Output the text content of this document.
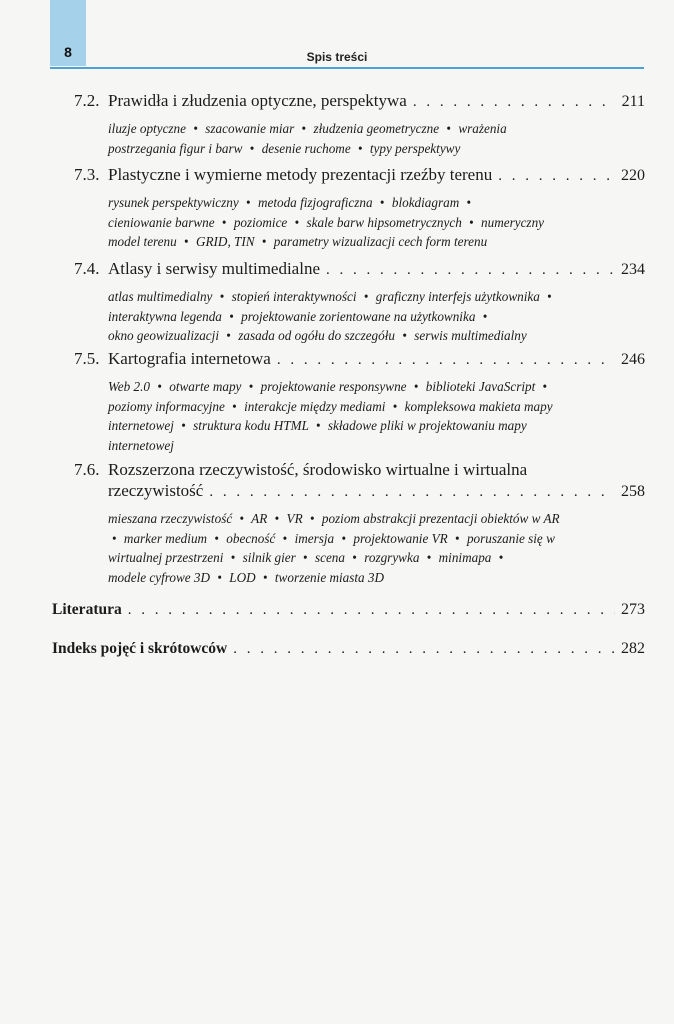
8	Spis treści
7.2. Prawidła i złudzenia optyczne, perspektywa . . .	211
iluzje optyczne • szacowanie miar • złudzenia geometryczne • wrażenia postrzegania figur i barw • desenie ruchome • typy perspektywy
7.3. Plastyczne i wymierne metody prezentacji rzeźby terenu . . .	220
rysunek perspektywiczny • metoda fizjograficzna • blokdiagram • cieniowanie barwne • poziomice • skale barw hipsometrycznych • numeryczny model terenu • GRID, TIN • parametry wizualizacji cech form terenu
7.4. Atlasy i serwisy multimedialne . . .	234
atlas multimedialny • stopień interaktywności • graficzny interfejs użytkownika • interaktywna legenda • projektowanie zorientowane na użytkownika • okno geowizualizacji • zasada od ogółu do szczegółu • serwis multimedialny
7.5. Kartografia internetowa . . .	246
Web 2.0 • otwarte mapy • projektowanie responsywne • biblioteki JavaScript • poziomy informacyjne • interakcje między mediami • kompleksowa makieta mapy internetowej • struktura kodu HTML • składowe pliki w projektowaniu mapy internetowej
7.6. Rozszerzona rzeczywistość, środowisko wirtualne i wirtualna
rzeczywistość . . .	258
mieszana rzeczywistość • AR • VR • poziom abstrakcji prezentacji obiektów w AR • marker medium • obecność • imersja • projektowanie VR • poruszanie się w wirtualnej przestrzeni • silnik gier • scena • rozgrywka • minimapa • modele cyfrowe 3D • LOD • tworzenie miasta 3D
Literatura . . .	273
Indeks pojęć i skrótowców . . .	282
